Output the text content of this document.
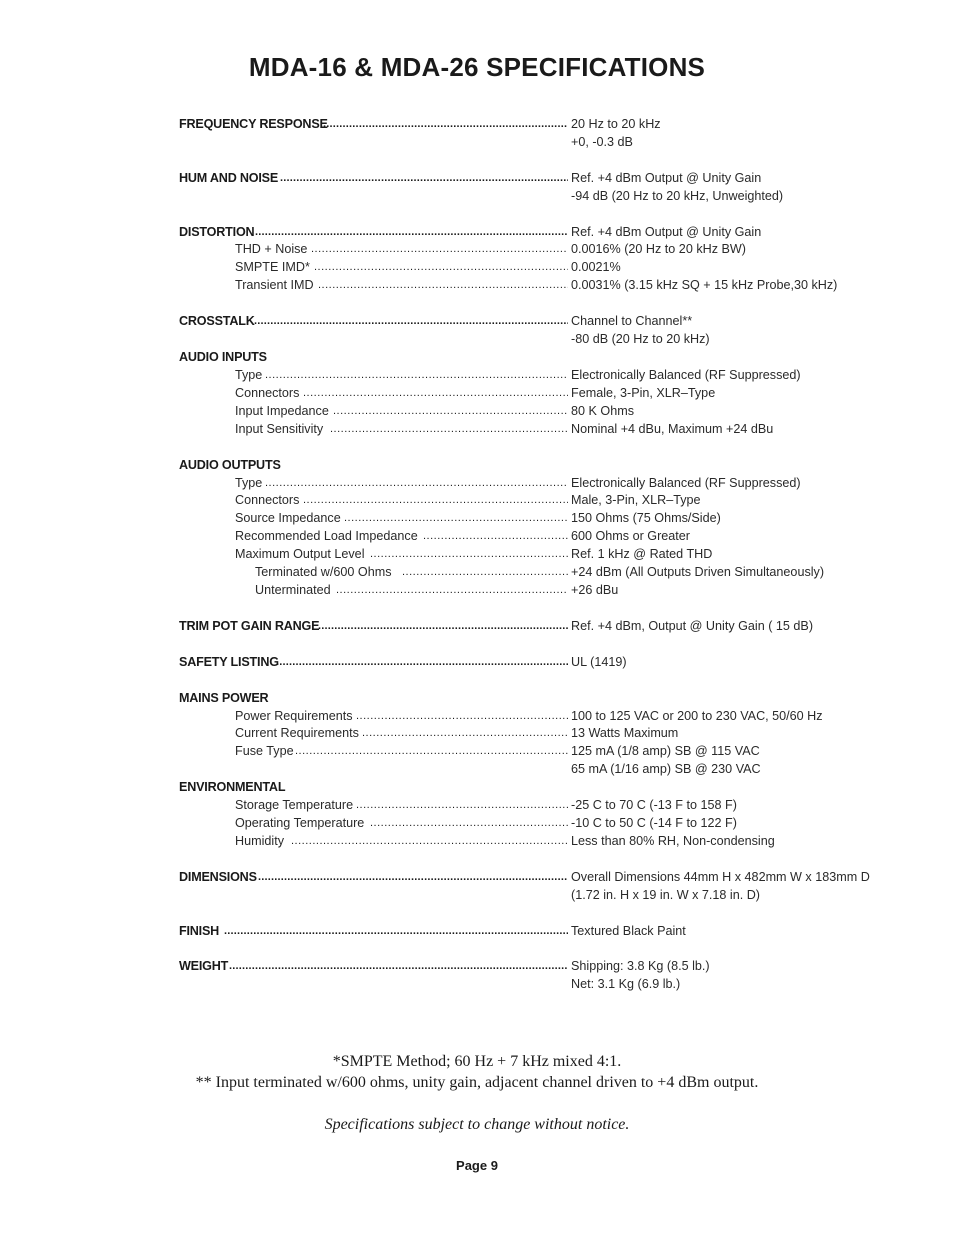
MDA-16 & MDA-26 SPECIFICATIONS
FREQUENCY RESPONSE .....	20 Hz to 20 kHz
+0, -0.3 dB
HUM AND NOISE .....	Ref. +4 dBm Output @ Unity Gain
-94 dB (20 Hz to 20 kHz, Unweighted)
DISTORTION .....	Ref. +4 dBm Output @ Unity Gain
THD + Noise .....	0.0016% (20 Hz to 20 kHz BW)
SMPTE IMD* .....	0.0021%
Transient IMD .....	0.0031% (3.15 kHz SQ + 15 kHz Probe,30 kHz)
CROSSTALK .....	Channel to Channel**
-80 dB (20 Hz to 20 kHz)
AUDIO INPUTS
Type .....	Electronically Balanced (RF Suppressed)
Connectors .....	Female, 3-Pin, XLR–Type
Input Impedance .....	80 K Ohms
Input Sensitivity .....	Nominal +4 dBu, Maximum +24 dBu
AUDIO OUTPUTS
Type .....	Electronically Balanced (RF Suppressed)
Connectors .....	Male, 3-Pin, XLR–Type
Source Impedance .....	150 Ohms (75 Ohms/Side)
Recommended Load Impedance .....	600 Ohms or Greater
Maximum Output Level .....	Ref. 1 kHz @ Rated THD
Terminated w/600 Ohms .....	+24 dBm (All Outputs Driven Simultaneously)
Unterminated .....	+26 dBu
TRIM POT GAIN RANGE .....	Ref. +4 dBm, Output @ Unity Gain ( 15 dB)
SAFETY LISTING .....	UL (1419)
MAINS POWER
Power Requirements .....	100 to 125 VAC or 200 to 230 VAC, 50/60 Hz
Current Requirements .....	13 Watts Maximum
Fuse Type .....	125 mA (1/8 amp) SB @ 115 VAC
65 mA (1/16 amp) SB @ 230 VAC
ENVIRONMENTAL
Storage Temperature .....	-25 C to 70 C (-13 F to 158 F)
Operating Temperature .....	-10 C to 50 C (-14 F to 122 F)
Humidity .....	Less than 80% RH, Non-condensing
DIMENSIONS .....	Overall Dimensions 44mm H x 482mm W x 183mm D
(1.72 in. H x 19 in. W x 7.18 in. D)
FINISH .....	Textured Black Paint
WEIGHT .....	Shipping: 3.8 Kg (8.5 lb.)
Net: 3.1 Kg (6.9 lb.)
*SMPTE Method; 60 Hz + 7 kHz mixed 4:1.
** Input terminated w/600 ohms, unity gain, adjacent channel driven to +4 dBm output.
Specifications subject to change without notice.
Page 9
